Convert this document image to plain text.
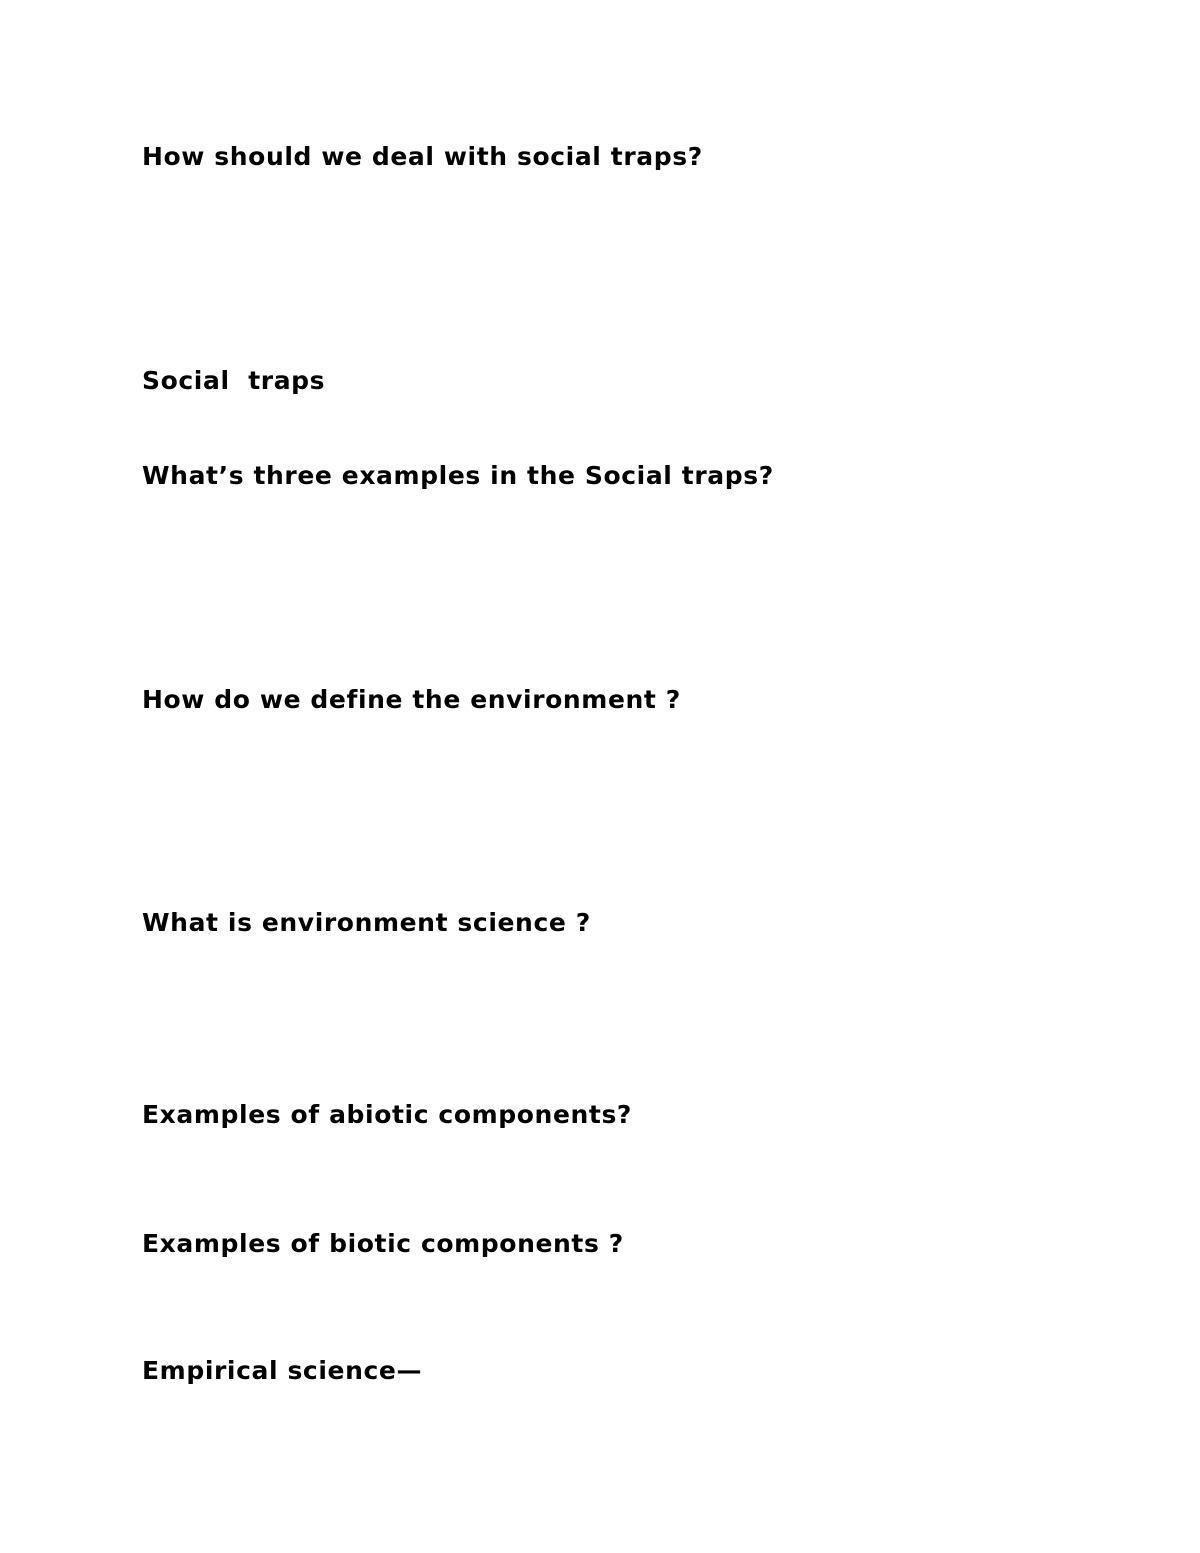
How should we deal with social traps?

Social  traps

What’s three examples in the Social traps?

How do we define the environment ?

What is environment science ?

Examples of abiotic components?

Examples of biotic components ?

Empirical science—
